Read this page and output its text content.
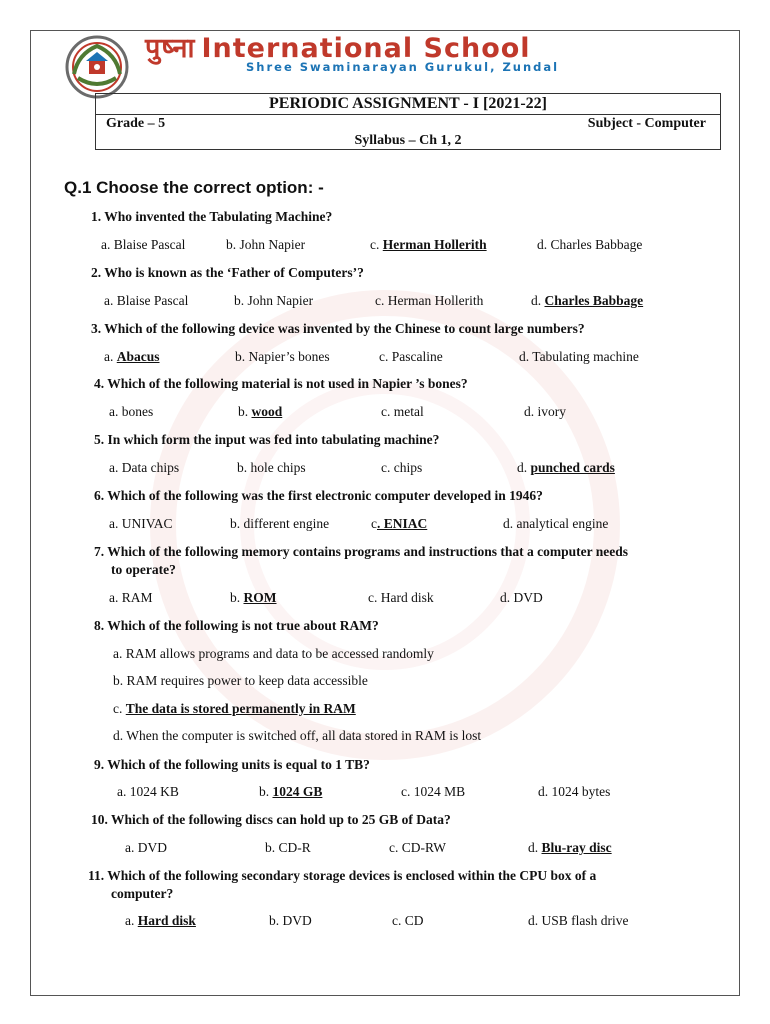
पुष्ना International School
Shree Swaminarayan Gurukul, Zundal
PERIODIC ASSIGNMENT - I [2021-22]
Grade – 5	Subject - Computer
Syllabus – Ch 1, 2
Q.1 Choose the correct option: -
1. Who invented the Tabulating Machine?
a. Blaise Pascal	b. John Napier	c. Herman Hollerith	d. Charles Babbage
2. Who is known as the ‘Father of Computers’?
a. Blaise Pascal	b. John Napier	c. Herman Hollerith	d. Charles Babbage
3. Which of the following device was invented by the Chinese to count large numbers?
a. Abacus	b. Napier’s bones	c. Pascaline	d. Tabulating machine
4. Which of the following material is not used in Napier ’s bones?
a. bones	b. wood	c. metal	d. ivory
5. In which form the input was fed into tabulating machine?
a. Data chips	b. hole chips	c. chips	d. punched cards
6. Which of the following was the first electronic computer developed in 1946?
a. UNIVAC	b. different engine	c. ENIAC	d. analytical engine
7. Which of the following memory contains programs and instructions that a computer needs
to operate?
a. RAM	b. ROM	c. Hard disk	d. DVD
8. Which of the following is not true about RAM?
a. RAM allows programs and data to be accessed randomly
b. RAM requires power to keep data accessible
c. The data is stored permanently in RAM
d. When the computer is switched off, all data stored in RAM is lost
9. Which of the following units is equal to 1 TB?
a. 1024 KB	b. 1024 GB	c. 1024 MB	d. 1024 bytes
10. Which of the following discs can hold up to 25 GB of Data?
a. DVD	b. CD-R	c. CD-RW	d. Blu-ray disc
11. Which of the following secondary storage devices is enclosed within the CPU box of a
computer?
a. Hard disk	b. DVD	c. CD	d. USB flash drive
